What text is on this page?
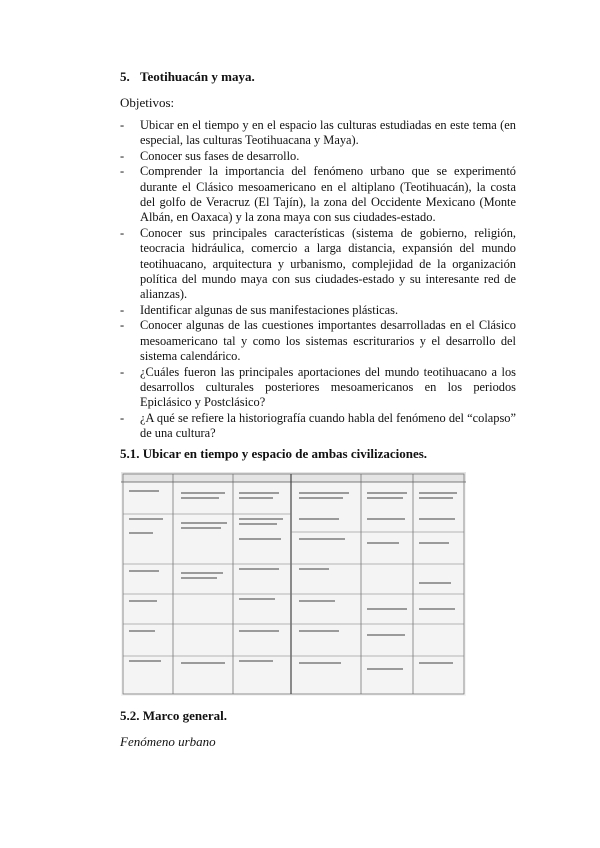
5. Teotihuacán y maya.

Objetivos:

- Ubicar en el tiempo y en el espacio las culturas estudiadas en este tema (en especial, las culturas Teotihuacana y Maya).
- Conocer sus fases de desarrollo.
- Comprender la importancia del fenómeno urbano que se experimentó durante el Clásico mesoamericano en el altiplano (Teotihuacán), la costa del golfo de Veracruz (El Tajín), la zona del Occidente Mexicano (Monte Albán, en Oaxaca) y la zona maya con sus ciudades-estado.
- Conocer sus principales características (sistema de gobierno, religión, teocracia hidráulica, comercio a larga distancia, expansión del mundo teotihuacano, arquitectura y urbanismo, complejidad de la organización política del mundo maya con sus ciudades-estado y su interesante red de alianzas).
- Identificar algunas de sus manifestaciones plásticas.
- Conocer algunas de las cuestiones importantes desarrolladas en el Clásico mesoamericano tal y como los sistemas escriturarios y el desarrollo del sistema calendárico.
- ¿Cuáles fueron las principales aportaciones del mundo teotihuacano a los desarrollos culturales posteriores mesoamericanos en los periodos Epiclásico y Postclásico?
- ¿A qué se refiere la historiografía cuando habla del fenómeno del “colapso” de una cultura?
5.1. Ubicar en tiempo y espacio de ambas civilizaciones.
5.2. Marco general.

Fenómeno urbano
